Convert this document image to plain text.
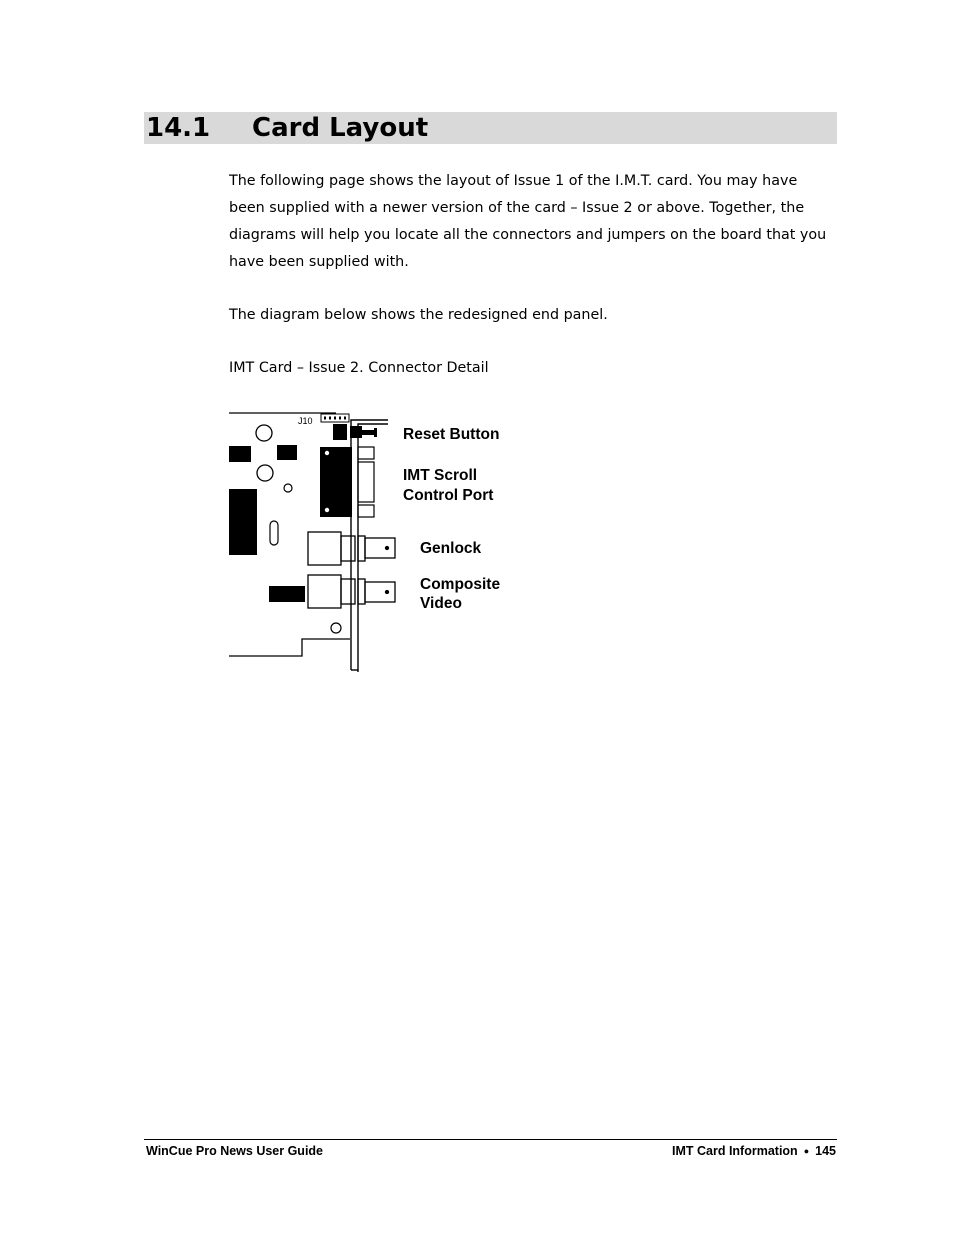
14.1 Card Layout

The following page shows the layout of Issue 1 of the I.M.T. card. You may have been supplied with a newer version of the card – Issue 2 or above. Together, the diagrams will help you locate all the connectors and jumpers on the board that you have been supplied with.

The diagram below shows the redesigned end panel.

IMT Card – Issue 2. Connector Detail

J10
Reset Button
IMT Scroll
Control Port
Genlock
Composite
Video
WinCue Pro News User Guide	IMT Card Information ● 145
